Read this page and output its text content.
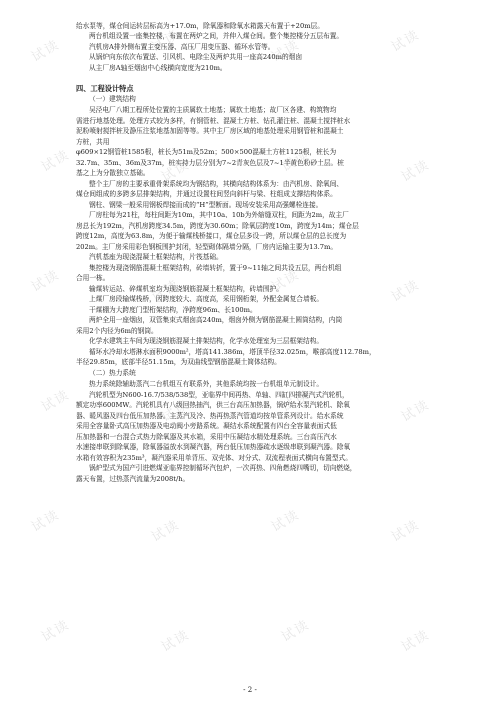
试读
试读
试读
试读
试读
试读
试读
试读
试读
试读
试读
试读
试读
试读
试读
试读
试读
试读
试读
试读
试读
试读
试读
试读
给水泵等，煤仓间运转层标高为+17.0m，除氧器和除氧水箱露天布置于+20m层。
两台机组设置一座集控楼，布置在两炉之间，并伸入煤仓间。整个集控楼分五层布置。
汽机房A排外侧布置主变压器、高压厂用变压器、循环水管等。
从锅炉向东依次布置送、引风机、电除尘及两炉共用一座高240m的烟囱
从主厂房A轴至烟囱中心线横向宽度为210m。
四、工程设计特点
（一）建筑结构
吴泾电厂八期工程所处位置的主质属软土地基；属软土地基；故厂区各建、构筑物均
需进行地基处理。处理方式较为多样，有钢管桩、混凝土方桩、钻孔灌注桩、混凝土搅拌桩水
泥粉喷射搅拌桩及静压注浆地基加固等等。其中主厂房区域的地基处理采用钢管桩和混凝土
方桩，共用
φ609×12钢管桩1585根，桩长为51m及52m；500×500混凝土方桩1125根，桩长为
32.7m、35m、36m及37m，桩实持力层分别为7~2青灰色层及7~1半黄色粉砂土层。桩
基之上为分散独立基础。
整个主厂房的主要承重骨架系统均为钢结构，其横向结构体系为：由汽机房、除氧间、
煤仓间组成的多跨多层排架结构，并通过设置柱间竖向斜杆与梁、柱组成支撑结构体系。
钢柱、钢梁一般采用钢板焊接而成的“H”型断面。现场安装采用高强螺栓连接。
厂房柱每为21柱，每柱间距为10m，其中10a、10b为外缩缝双柱，间距为2m，故主厂
房总长为192m，汽机房跨度34.5m，跨度为30.60m；除氧层跨度10m，跨度为14m；煤仓层
跨度12m，高度为63.8m，为便于输煤栈桥接口，煤仓层多设一跨，所以煤仓层的总长度为
202m。主厂房采用彩色钢板围护封闭，轻型砌体隔墙分隔，厂房内运输主要为13.7m。
汽机基座为现浇混凝土框架结构，片筏基础。
集控楼为现浇钢筋混凝土框架结构，砖墙转折，置于9~11轴之间共设五层，两台机组
合用一栋。
输煤转运站、碎煤机室均为现浇钢筋混凝土框架结构，砖墙围护。
上煤厂房段输煤栈桥，因跨度较大、高度高，采用钢桁架，外配金属复合墙板。
干煤棚为大跨度门型桁架结构，净跨度96m、长100m。
两炉全用一座烟囱，双管集束式烟囱高240m，烟囱外侧为钢筋混凝土圆筒结构，内筒
采用2个内径为6m的钢筒。
化学水建筑主车间为现浇钢筋混凝土排架结构，化学水处理室为三层框架结构。
循环水冷却水塔淋水面积9000m²，塔高141.386m，塔顶半径32.025m，喉部高度112.78m，
半径29.85m，底部半径51.15m，为双曲线型钢筋混凝土简体结构。
（二）热力系统
热力系统除辅助蒸汽二台机组互有联系外，其他系统均按一台机组单元制设计。
汽轮机型为N600-16.7/538/538型，亚临界中间再热、单轴、四缸四排凝汽式汽轮机，
额定功率600MW。汽轮机具有八级回热抽汽，供三台高压加热器，锅炉给水泵汽轮机、除氧
器、暖风器及四台低压加热器。主蒸汽及冷、热再热蒸汽管道均按单管系列设计。给水系统
采用全容量卧式高压加热器及电动阀小旁路系统。凝结水系统配置有四台全容量表面式低
压加热器和一台混合式热力除氧器及其水箱，采用中压凝结水精处理系统。三台高压汽水
水速接串联到除氧器，除氧器溢放水到凝汽器，两台低压加热器疏水逐级串联到凝汽器。除氧
水箱有效容积为235m³，凝汽器采用单背压、双壳体、对分式、双流程表面式横向布置型式。
锅炉型式为国产引进燃煤亚临界控制循环汽包炉，一次再热、四角燃烧四嘴切，切向燃烧，
露天布置，过热蒸汽流量为2008t/h。
- 2 -
